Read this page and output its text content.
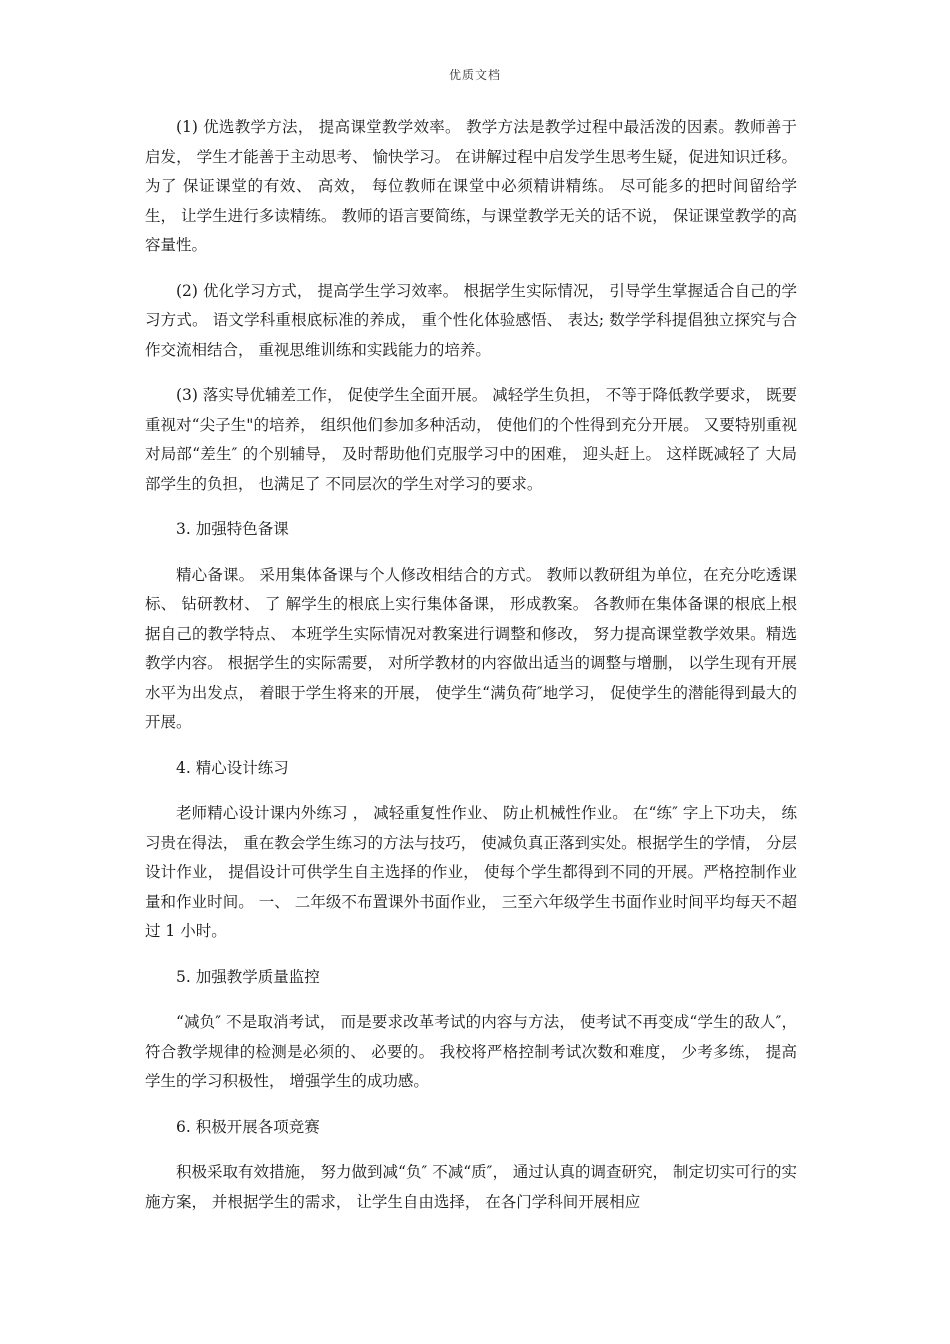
优质文档

(1) 优选教学方法， 提高课堂教学效率。 教学方法是教学过程中最活泼的因素。教师善于启发， 学生才能善于主动思考、 愉快学习。 在讲解过程中启发学生思考生疑，促进知识迁移。 为了 保证课堂的有效、 高效， 每位教师在课堂中必须精讲精练。 尽可能多的把时间留给学生， 让学生进行多读精练。 教师的语言要简练，与课堂教学无关的话不说， 保证课堂教学的高容量性。

(2) 优化学习方式， 提高学生学习效率。 根据学生实际情况， 引导学生掌握适合自己的学习方式。 语文学科重根底标准的养成， 重个性化体验感悟、 表达; 数学学科提倡独立探究与合作交流相结合， 重视思维训练和实践能力的培养。

(3) 落实导优辅差工作， 促使学生全面开展。 减轻学生负担， 不等于降低教学要求， 既要重视对“尖子生"的培养， 组织他们参加多种活动， 使他们的个性得到充分开展。 又要特别重视对局部“差生″ 的个别辅导， 及时帮助他们克服学习中的困难， 迎头赶上。 这样既减轻了 大局部学生的负担， 也满足了 不同层次的学生对学习的要求。

3. 加强特色备课

精心备课。 采用集体备课与个人修改相结合的方式。 教师以教研组为单位，在充分吃透课标、 钻研教材、 了 解学生的根底上实行集体备课， 形成教案。 各教师在集体备课的根底上根据自己的教学特点、 本班学生实际情况对教案进行调整和修改， 努力提高课堂教学效果。精选教学内容。 根据学生的实际需要， 对所学教材的内容做出适当的调整与增删， 以学生现有开展水平为出发点， 着眼于学生将来的开展， 使学生“满负荷″地学习， 促使学生的潜能得到最大的开展。

4. 精心设计练习

老师精心设计课内外练习 ， 减轻重复性作业、 防止机械性作业。 在“练″ 字上下功夫， 练习贵在得法， 重在教会学生练习的方法与技巧， 使减负真正落到实处。根据学生的学情， 分层设计作业， 提倡设计可供学生自主选择的作业， 使每个学生都得到不同的开展。严格控制作业量和作业时间。 一、 二年级不布置课外书面作业， 三至六年级学生书面作业时间平均每天不超过 1 小时。

5. 加强教学质量监控

“减负″ 不是取消考试， 而是要求改革考试的内容与方法， 使考试不再变成“学生的敌人″， 符合教学规律的检测是必须的、 必要的。 我校将严格控制考试次数和难度， 少考多练， 提高学生的学习积极性， 增强学生的成功感。

6. 积极开展各项竞赛

积极采取有效措施， 努力做到减“负″ 不减“质″， 通过认真的调查研究， 制定切实可行的实施方案， 并根据学生的需求， 让学生自由选择， 在各门学科间开展相应
